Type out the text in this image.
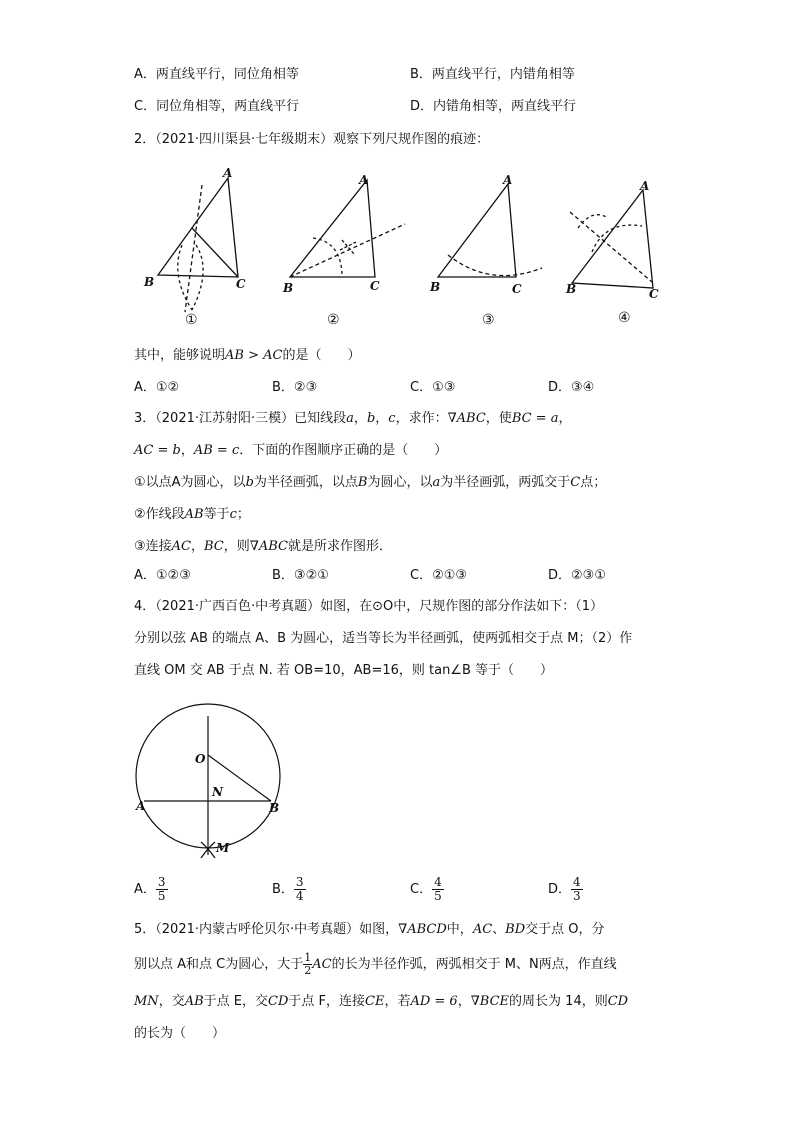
A．两直线平行，同位角相等	B．两直线平行，内错角相等
C．同位角相等，两直线平行	D．内错角相等，两直线平行
2．（2021·四川渠县·七年级期末）观察下列尺规作图的痕迹：
A
B	C
A
B	C
A
B	C
A
B	C
①	②	③	④
其中，能够说明AB > AC的是（　　）
A．①②	B．②③	C．①③	D．③④
3．（2021·江苏射阳·三模）已知线段a，b，c，求作：∇ABC，使BC = a，
AC = b，AB = c．下面的作图顺序正确的是（　　）
①以点A为圆心，以b为半径画弧，以点B为圆心，以a为半径画弧，两弧交于C点；
②作线段AB等于c；
③连接AC，BC，则∇ABC就是所求作图形．
A．①②③	B．③②①	C．②①③	D．②③①
4．（2021·广西百色·中考真题）如图，在⊙O中，尺规作图的部分作法如下：（1）
分别以弦 AB 的端点 A、B 为圆心，适当等长为半径画弧，使两弧相交于点 M；（2）作
直线 OM 交 AB 于点 N. 若 OB=10，AB=16，则 tan∠B 等于（　　）
O
N
A	B
M
A． $\frac{3}{5}$	B． $\frac{3}{4}$	C． $\frac{4}{5}$	D． $\frac{4}{3}$
5．（2021·内蒙古呼伦贝尔·中考真题）如图，∇ABCD中，AC、BD交于点 O，分
别以点 A和点 C为圆心，大于 $\frac{1}{2}$ AC的长为半径作弧，两弧相交于 M、N两点，作直线
MN，交AB于点 E，交CD于点 F，连接CE，若AD = 6，∇BCE的周长为 14，则CD
的长为（　　）
